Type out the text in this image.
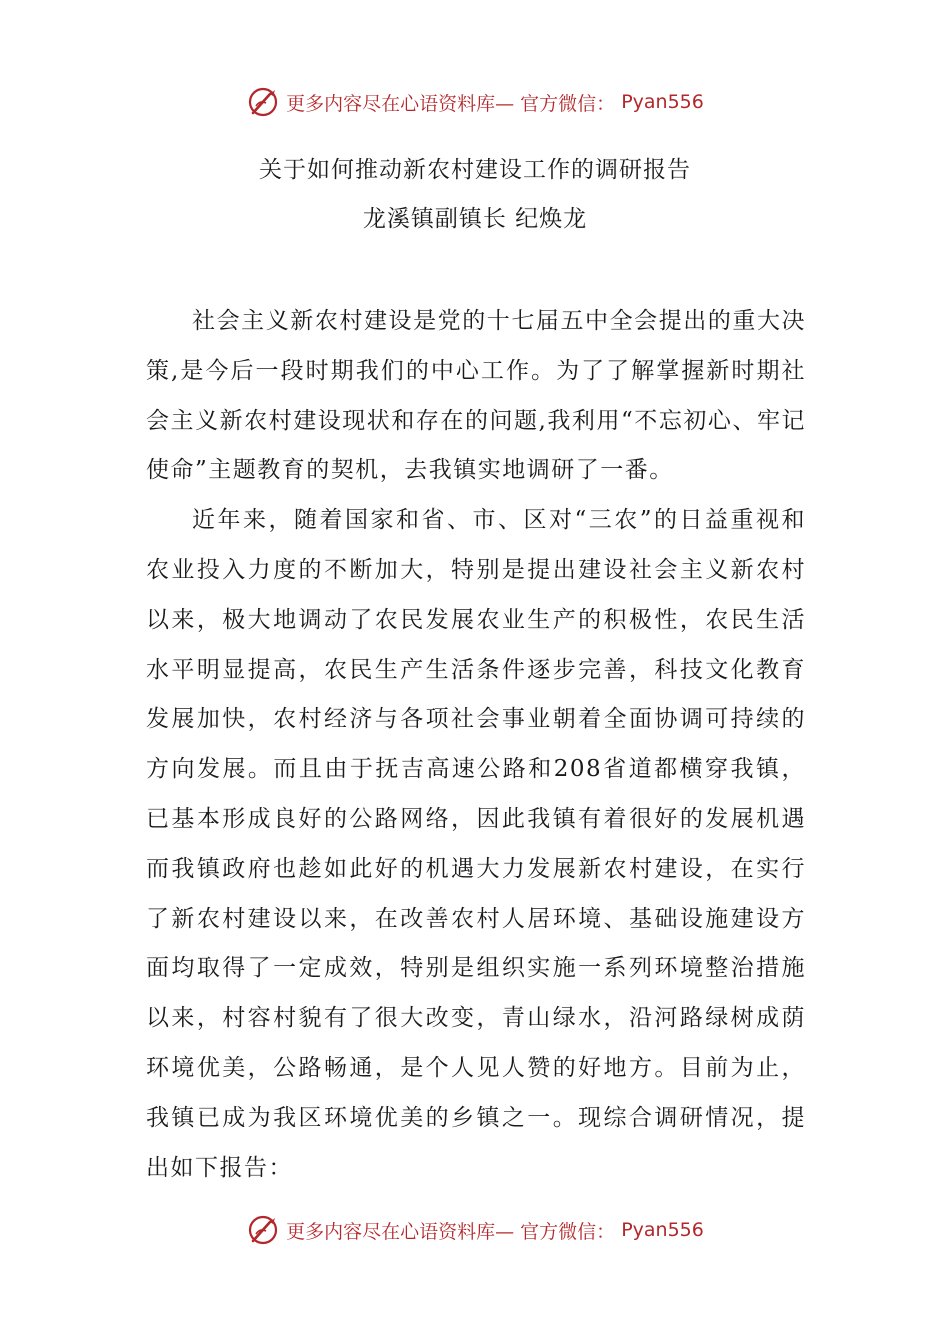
更多内容尽在心语资料库— 官方微信： Pyan556
关于如何推动新农村建设工作的调研报告
龙溪镇副镇长 纪焕龙

社会主义新农村建设是党的十七届五中全会提出的重大决策,是今后一段时期我们的中心工作。为了了解掌握新时期社会主义新农村建设现状和存在的问题,我利用“不忘初心、牢记使命”主题教育的契机，去我镇实地调研了一番。

近年来，随着国家和省、市、区对“三农”的日益重视和农业投入力度的不断加大，特别是提出建设社会主义新农村以来，极大地调动了农民发展农业生产的积极性，农民生活水平明显提高，农民生产生活条件逐步完善，科技文化教育发展加快，农村经济与各项社会事业朝着全面协调可持续的方向发展。而且由于抚吉高速公路和208省道都横穿我镇，已基本形成良好的公路网络，因此我镇有着很好的发展机遇而我镇政府也趁如此好的机遇大力发展新农村建设，在实行了新农村建设以来，在改善农村人居环境、基础设施建设方面均取得了一定成效，特别是组织实施一系列环境整治措施以来，村容村貌有了很大改变，青山绿水，沿河路绿树成荫环境优美，公路畅通，是个人见人赞的好地方。目前为止，我镇已成为我区环境优美的乡镇之一。现综合调研情况，提出如下报告：

更多内容尽在心语资料库— 官方微信： Pyan556
